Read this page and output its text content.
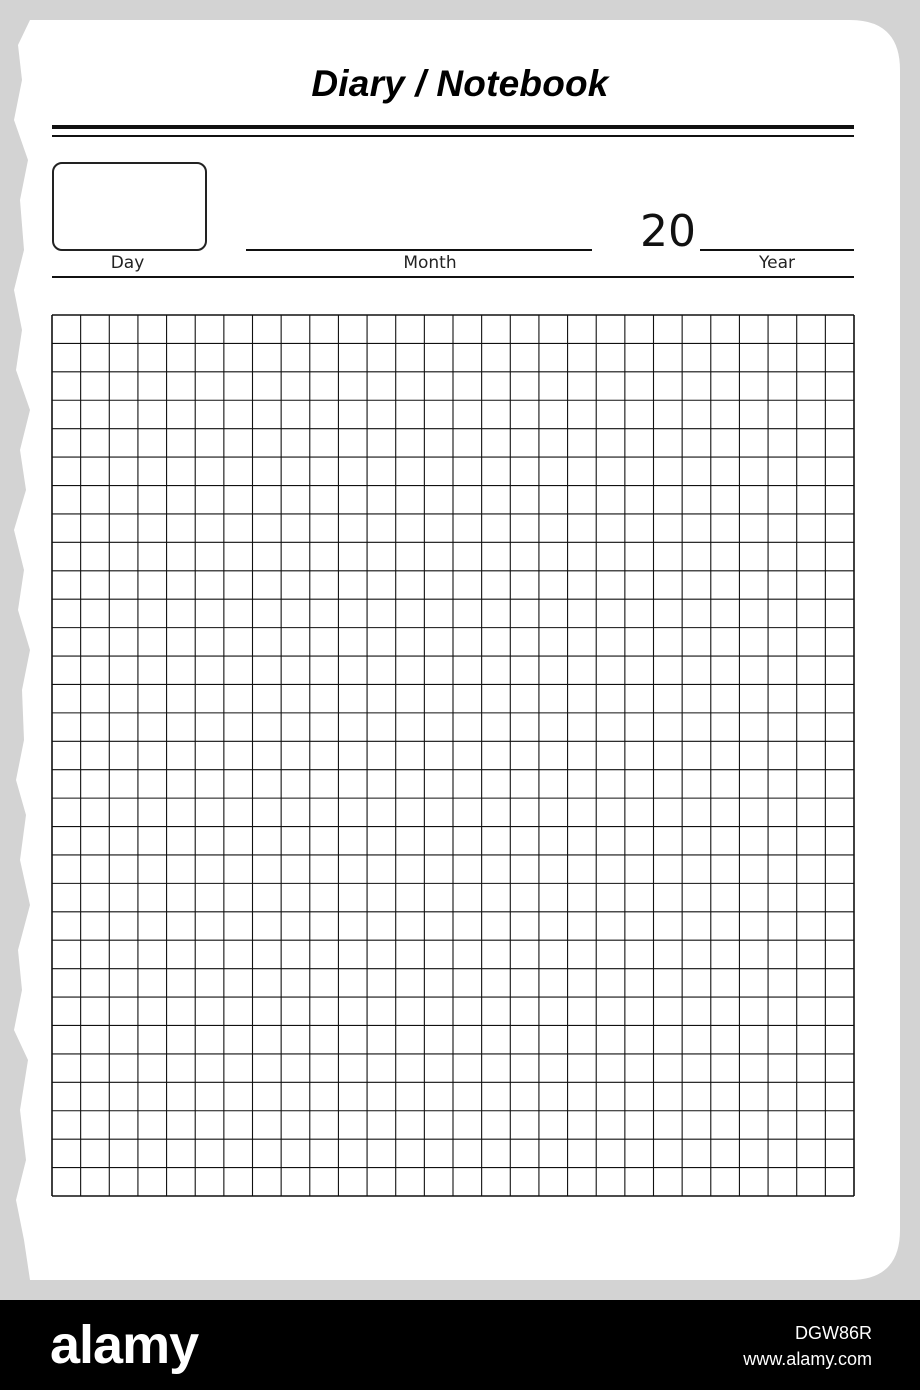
Diary / Notebook
Day	Month
20
Year
alamy	DGW86R
www.alamy.com
